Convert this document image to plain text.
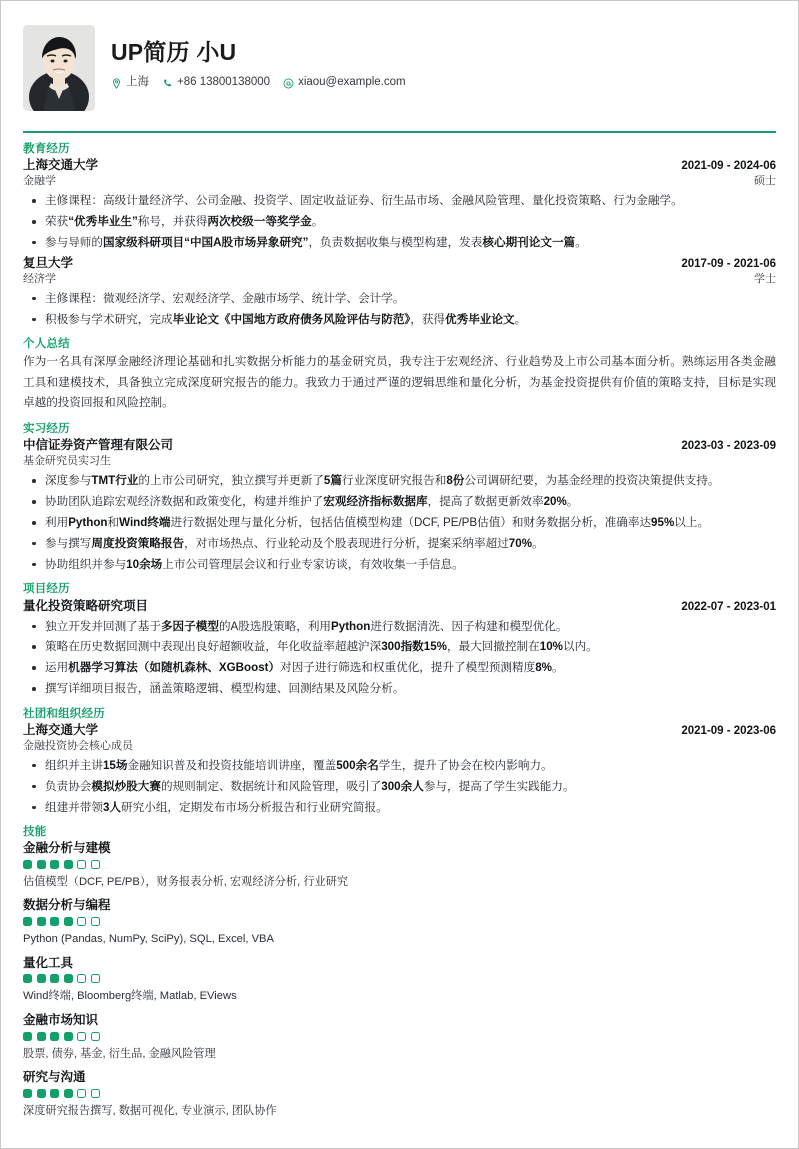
UP简历 小U
上海 +86 13800138000 xiaou@example.com
教育经历
上海交通大学	2021-09 - 2024-06
金融学	硕士
主修课程：高级计量经济学、公司金融、投资学、固定收益证券、衍生品市场、金融风险管理、量化投资策略、行为金融学。
荣获“优秀毕业生”称号，并获得两次校级一等奖学金。
参与导师的国家级科研项目“中国A股市场异象研究”，负责数据收集与模型构建，发表核心期刊论文一篇。
复旦大学	2017-09 - 2021-06
经济学	学士
主修课程：微观经济学、宏观经济学、金融市场学、统计学、会计学。
积极参与学术研究，完成毕业论文《中国地方政府债务风险评估与防范》，获得优秀毕业论文。
个人总结
作为一名具有深厚金融经济理论基础和扎实数据分析能力的基金研究员，我专注于宏观经济、行业趋势及上市公司基本面分析。熟练运用各类金融工具和建模技术，具备独立完成深度研究报告的能力。我致力于通过严谨的逻辑思维和量化分析，为基金投资提供有价值的策略支持，目标是实现卓越的投资回报和风险控制。
实习经历
中信证券资产管理有限公司	2023-03 - 2023-09
基金研究员实习生
深度参与TMT行业的上市公司研究，独立撰写并更新了5篇行业深度研究报告和8份公司调研纪要，为基金经理的投资决策提供支持。
协助团队追踪宏观经济数据和政策变化，构建并维护了宏观经济指标数据库，提高了数据更新效率20%。
利用Python和Wind终端进行数据处理与量化分析，包括估值模型构建（DCF, PE/PB估值）和财务数据分析，准确率达95%以上。
参与撰写周度投资策略报告，对市场热点、行业轮动及个股表现进行分析，提案采纳率超过70%。
协助组织并参与10余场上市公司管理层会议和行业专家访谈，有效收集一手信息。
项目经历
量化投资策略研究项目	2022-07 - 2023-01
独立开发并回测了基于多因子模型的A股选股策略，利用Python进行数据清洗、因子构建和模型优化。
策略在历史数据回测中表现出良好超额收益，年化收益率超越沪深300指数15%，最大回撤控制在10%以内。
运用机器学习算法（如随机森林、XGBoost）对因子进行筛选和权重优化，提升了模型预测精度8%。
撰写详细项目报告，涵盖策略逻辑、模型构建、回测结果及风险分析。
社团和组织经历
上海交通大学	2021-09 - 2023-06
金融投资协会核心成员
组织并主讲15场金融知识普及和投资技能培训讲座，覆盖500余名学生，提升了协会在校内影响力。
负责协会模拟炒股大赛的规则制定、数据统计和风险管理，吸引了300余人参与，提高了学生实践能力。
组建并带领3人研究小组，定期发布市场分析报告和行业研究简报。
技能
金融分析与建模
估值模型（DCF, PE/PB），财务报表分析, 宏观经济分析, 行业研究
数据分析与编程
Python (Pandas, NumPy, SciPy), SQL, Excel, VBA
量化工具
Wind终端, Bloomberg终端, Matlab, EViews
金融市场知识
股票, 债券, 基金, 衍生品, 金融风险管理
研究与沟通
深度研究报告撰写, 数据可视化, 专业演示, 团队协作
